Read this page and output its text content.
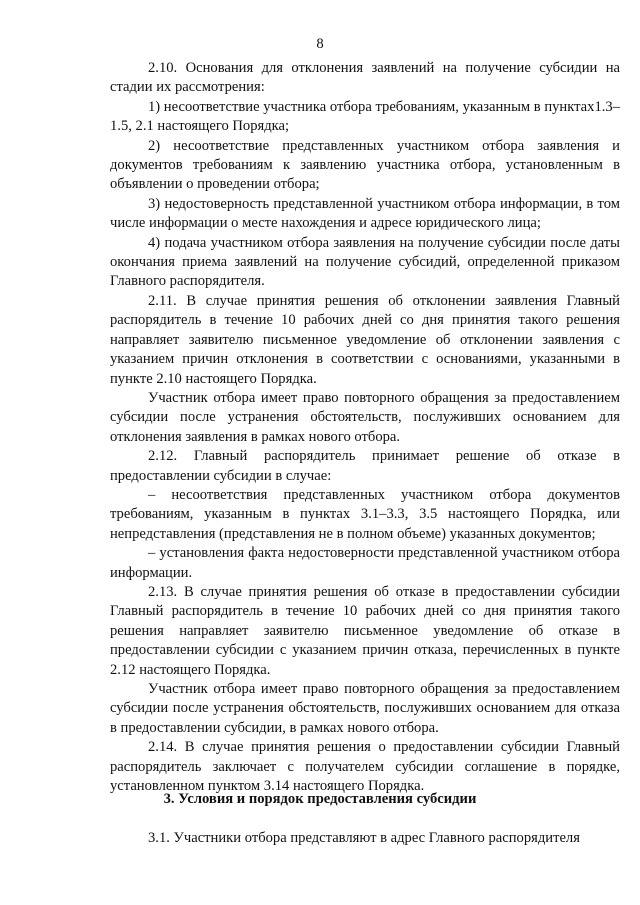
8

2.10. Основания для отклонения заявлений на получение субсидии на стадии их рассмотрения:

1) несоответствие участника отбора требованиям, указанным в пунктах1.3–1.5, 2.1 настоящего Порядка;

2) несоответствие представленных участником отбора заявления и документов требованиям к заявлению участника отбора, установленным в объявлении о проведении отбора;

3) недостоверность представленной участником отбора информации, в том числе информации о месте нахождения и адресе юридического лица;

4) подача участником отбора заявления на получение субсидии после даты окончания приема заявлений на получение субсидий, определенной приказом Главного распорядителя.

2.11. В случае принятия решения об отклонении заявления Главный распорядитель в течение 10 рабочих дней со дня принятия такого решения направляет заявителю письменное уведомление об отклонении заявления с указанием причин отклонения в соответствии с основаниями, указанными в пункте 2.10 настоящего Порядка.

Участник отбора имеет право повторного обращения за предоставлением субсидии после устранения обстоятельств, послуживших основанием для отклонения заявления в рамках нового отбора.

2.12. Главный распорядитель принимает решение об отказе в предоставлении субсидии в случае:

– несоответствия представленных участником отбора документов требованиям, указанным в пунктах 3.1–3.3, 3.5 настоящего Порядка, или непредставления (представления не в полном объеме) указанных документов;

– установления факта недостоверности представленной участником отбора информации.

2.13. В случае принятия решения об отказе в предоставлении субсидии Главный распорядитель в течение 10 рабочих дней со дня принятия такого решения направляет заявителю письменное уведомление об отказе в предоставлении субсидии с указанием причин отказа, перечисленных в пункте 2.12 настоящего Порядка.

Участник отбора имеет право повторного обращения за предоставлением субсидии после устранения обстоятельств, послуживших основанием для отказа в предоставлении субсидии, в рамках нового отбора.

2.14. В случае принятия решения о предоставлении субсидии Главный распорядитель заключает с получателем субсидии соглашение в порядке, установленном пунктом 3.14 настоящего Порядка.

3. Условия и порядок предоставления субсидии

3.1. Участники отбора представляют в адрес Главного распорядителя
